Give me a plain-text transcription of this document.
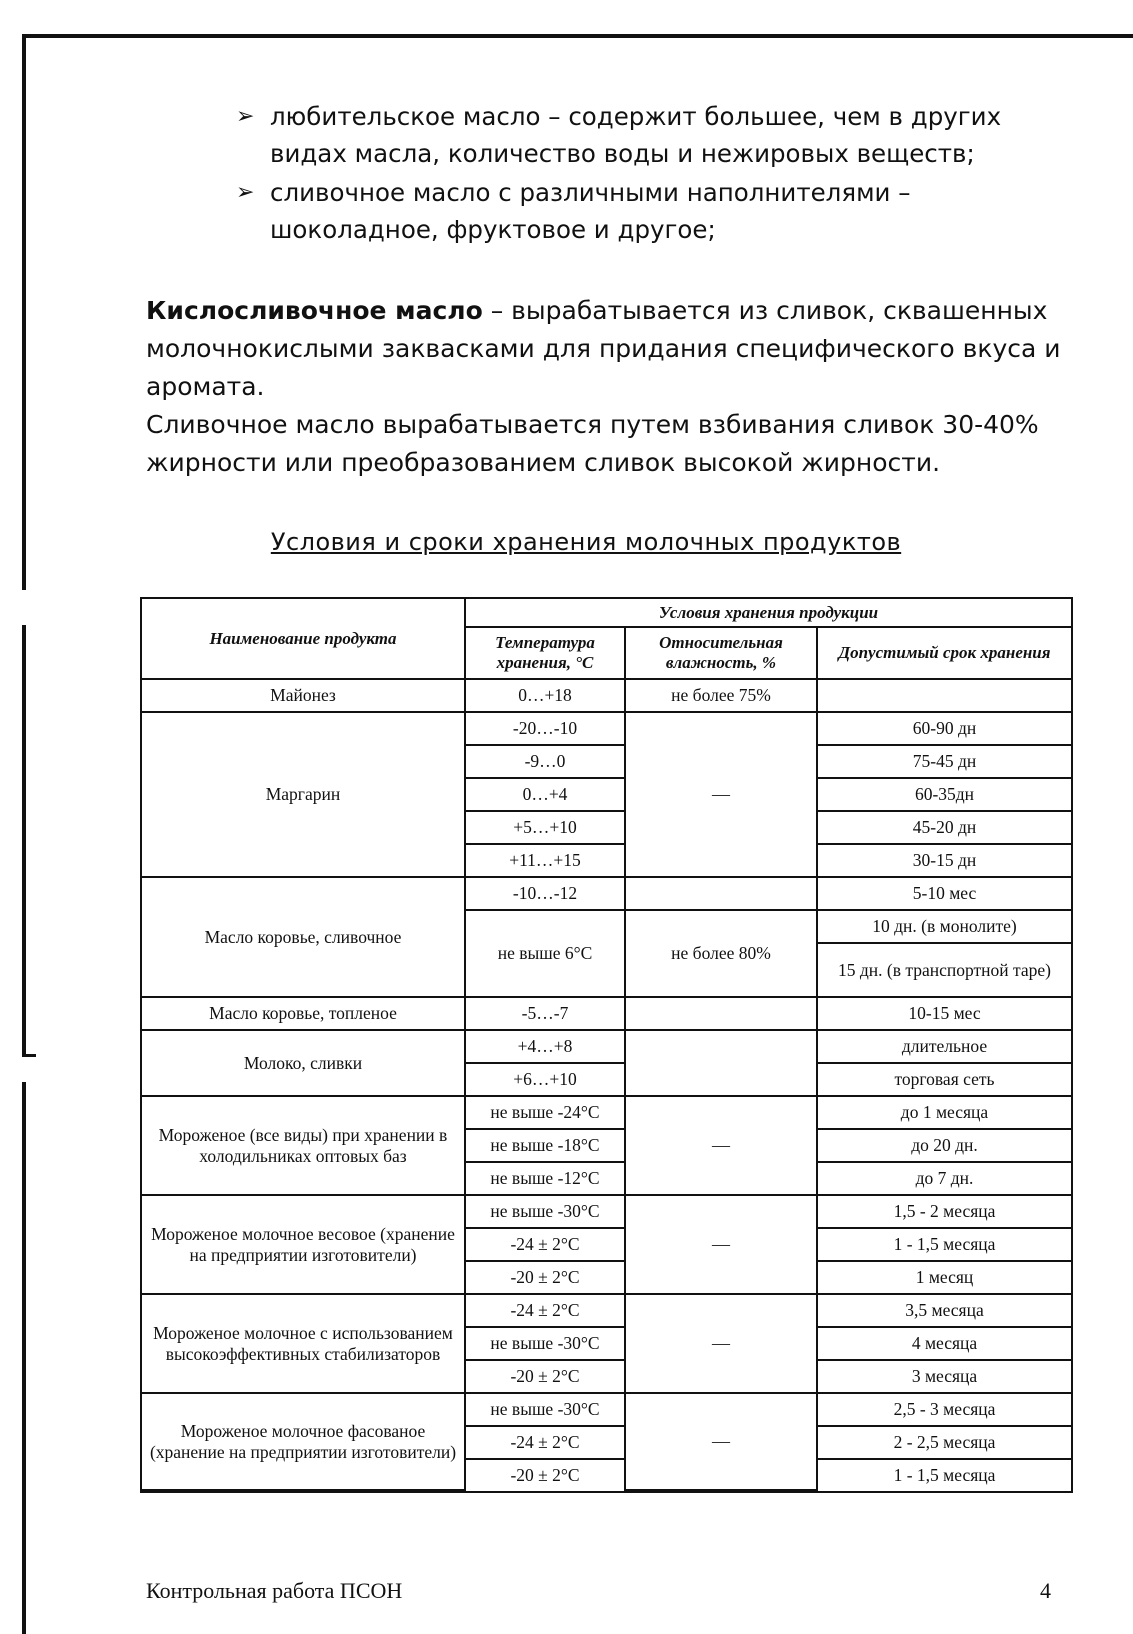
➢ любительское масло – содержит большее, чем в других видах масла, количество воды и нежировых веществ;
➢ сливочное масло с различными наполнителями – шоколадное, фруктовое и другое;

Кислосливочное масло – вырабатывается из сливок, сквашенных молочнокислыми заквасками для придания специфического вкуса и аромата.

Сливочное масло вырабатывается путем взбивания сливок 30-40% жирности или преобразованием сливок высокой жирности.

Условия и сроки хранения молочных продуктов
Наименование продукта	Условия хранения продукции		
	Температура хранения, °С	Относительная влажность, %	Допустимый срок хранения
Майонез	0…+18	не более 75%	
Маргарин	-20…-10	—	60-90 дн
	-9…0		75-45 дн
	0…+4		60-35дн
	+5…+10		45-20 дн
	+11…+15		30-15 дн
Масло коровье, сливочное	-10…-12		5-10 мес
	не выше 6°С	не более 80%	10 дн. (в монолите)
			15 дн. (в транспортной таре)
Масло коровье, топленое	-5…-7		10-15 мес
Молоко, сливки	+4…+8		длительное
	+6…+10		торговая сеть
Мороженое (все виды) при хранении в холодильниках оптовых баз	не выше -24°С	—	до 1 месяца
	не выше -18°С		до 20 дн.
	не выше -12°С		до 7 дн.
Мороженое молочное весовое (хранение на предприятии изготовители)	не выше -30°С	—	1,5 - 2 месяца
	-24 ± 2°С		1 - 1,5 месяца
	-20 ± 2°С		1 месяц
Мороженое молочное с использованием высокоэффективных стабилизаторов	-24 ± 2°С	—	3,5 месяца
	не выше -30°С		4 месяца
	-20 ± 2°С		3 месяца
Мороженое молочное фасованое (хранение на предприятии изготовители)	не выше -30°С	—	2,5 - 3 месяца
	-24 ± 2°С		2 - 2,5 месяца
	-20 ± 2°С		1 - 1,5 месяца
Контрольная работа ПСОН	4
